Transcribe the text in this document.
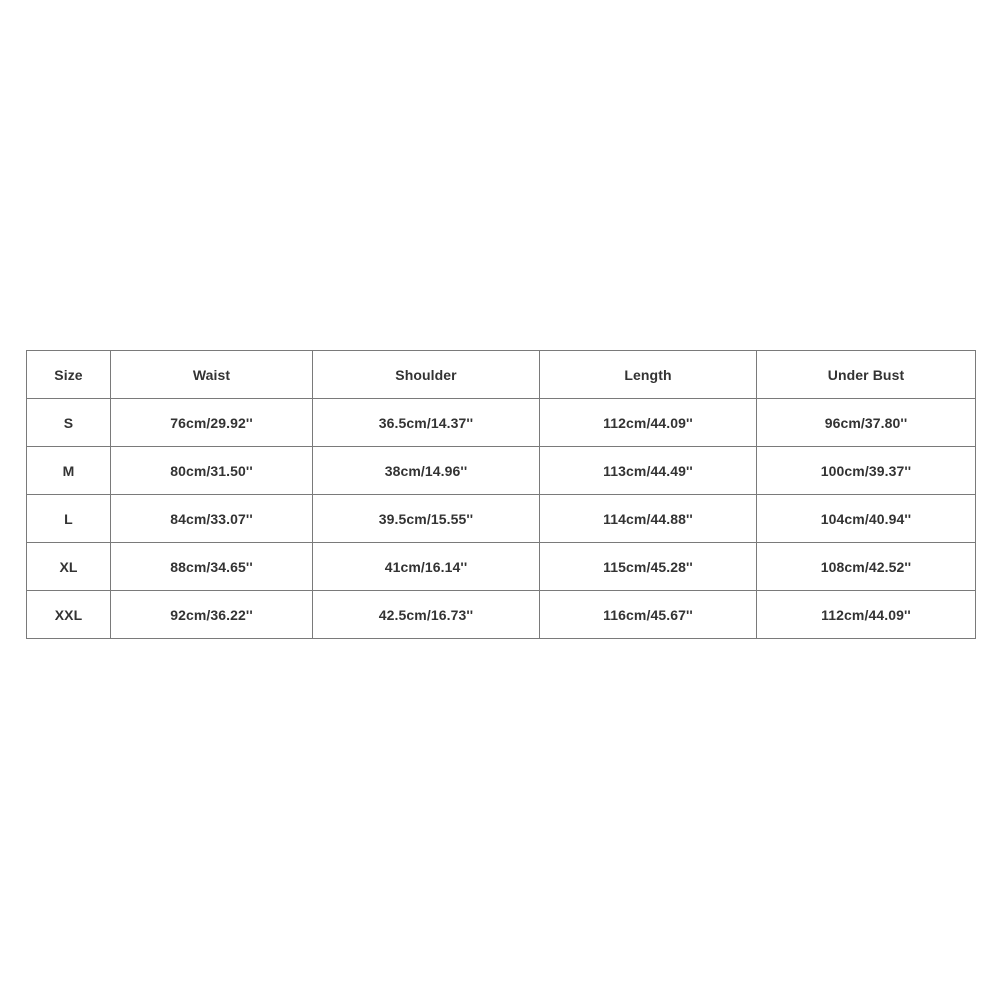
Size	Waist	Shoulder	Length	Under Bust
S	76cm/29.92''	36.5cm/14.37''	112cm/44.09''	96cm/37.80''
M	80cm/31.50''	38cm/14.96''	113cm/44.49''	100cm/39.37''
L	84cm/33.07''	39.5cm/15.55''	114cm/44.88''	104cm/40.94''
XL	88cm/34.65''	41cm/16.14''	115cm/45.28''	108cm/42.52''
XXL	92cm/36.22''	42.5cm/16.73''	116cm/45.67''	112cm/44.09''
